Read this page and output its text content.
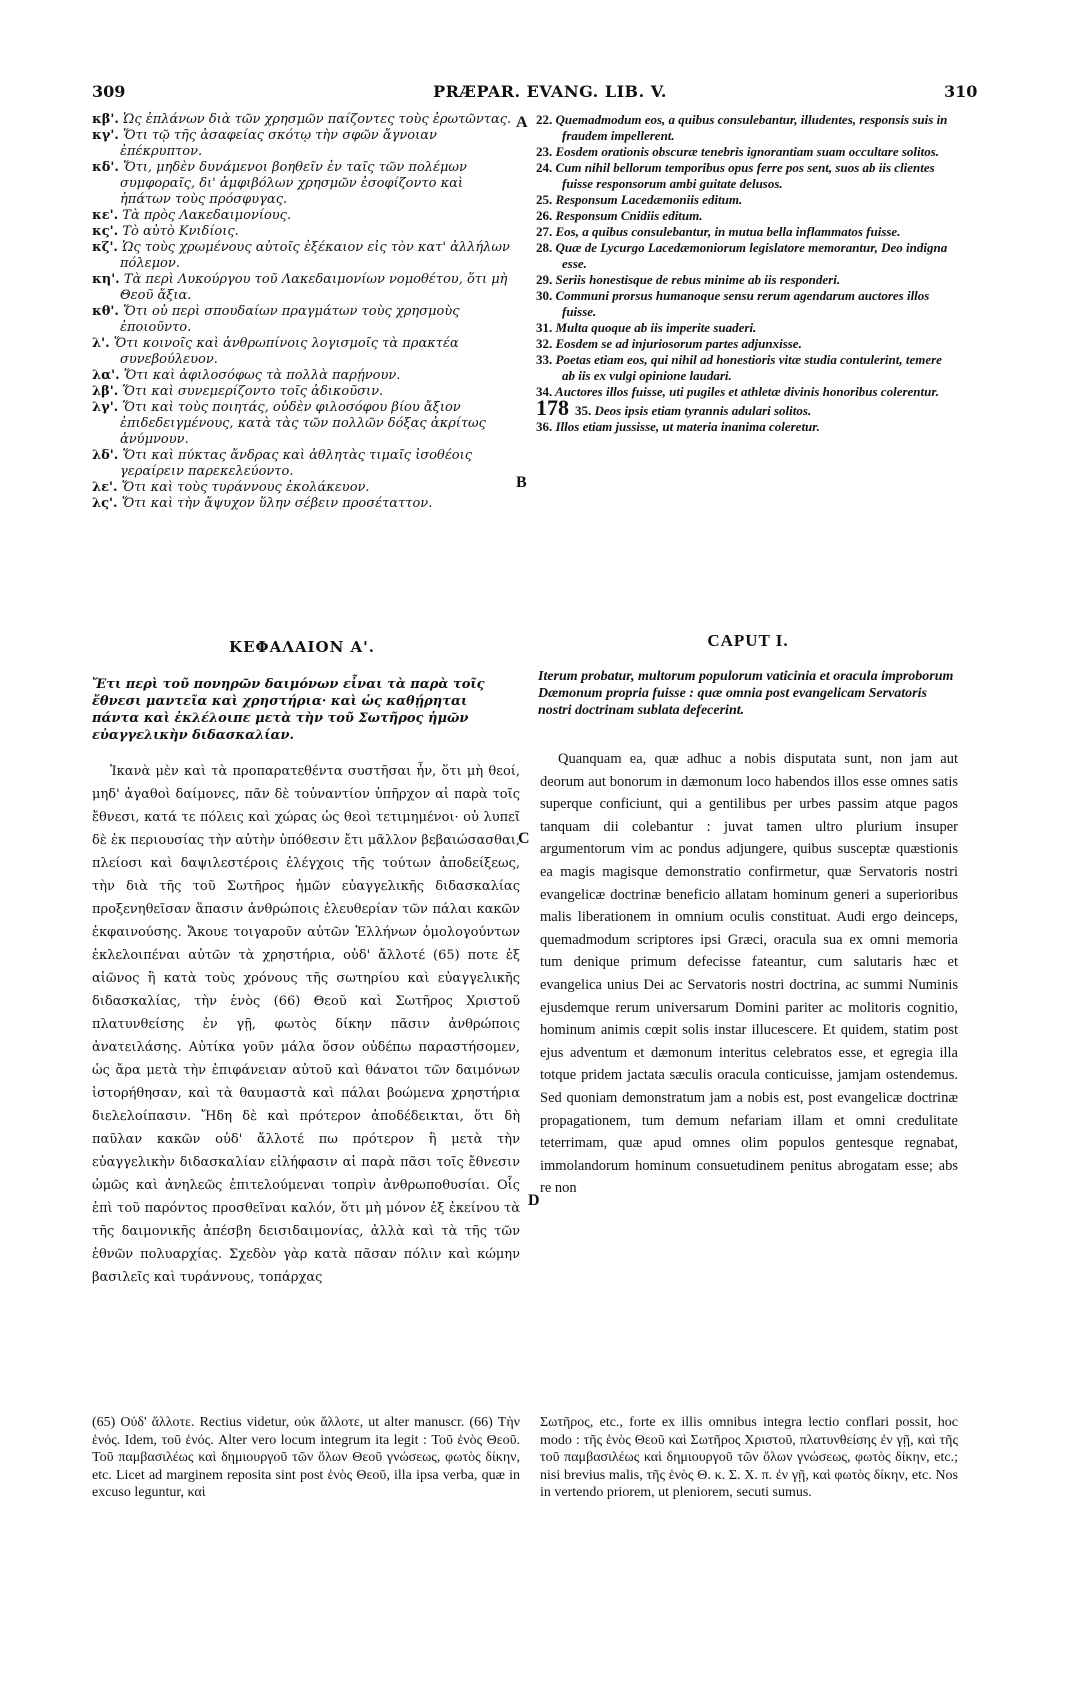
309	PRÆPAR. EVANG. LIB. V.	310
κβ'. Ὡς ἐπλάνων διὰ τῶν χρησμῶν παίζοντες τοὺς ἐρωτῶντας.
κγ'. Ὅτι τῷ τῆς ἀσαφείας σκότῳ τὴν σφῶν ἄγνοιαν ἐπέκρυπτον.
κδ'. Ὅτι, μηδὲν δυνάμενοι βοηθεῖν ἐν ταῖς τῶν πολέμων συμφοραῖς, δι' ἀμφιβόλων χρησμῶν ἐσοφίζοντο καὶ ἠπάτων τοὺς πρόσφυγας.
κε'. Τὰ πρὸς Λακεδαιμονίους.
κς'. Τὸ αὐτὸ Κνιδίοις.
κζ'. Ὡς τοὺς χρωμένους αὐτοῖς ἐξέκαιον εἰς τὸν κατ' ἀλλήλων πόλεμον.
κη'. Τὰ περὶ Λυκούργου τοῦ Λακεδαιμονίων νομοθέτου, ὅτι μὴ Θεοῦ ἄξια.
κθ'. Ὅτι οὐ περὶ σπουδαίων πραγμάτων τοὺς χρησμοὺς ἐποιοῦντο.
λ'. Ὅτι κοινοῖς καὶ ἀνθρωπίνοις λογισμοῖς τὰ πρακτέα συνεβούλευον.
λα'. Ὅτι καὶ ἀφιλοσόφως τὰ πολλὰ παρῄνουν.
λβ'. Ὅτι καὶ συνεμερίζοντο τοῖς ἀδικοῦσιν.
λγ'. Ὅτι καὶ τοὺς ποιητάς, οὐδὲν φιλοσόφου βίου ἄξιον ἐπιδεδειγμένους, κατὰ τὰς τῶν πολλῶν δόξας ἀκρίτως ἀνύμνουν.
λδ'. Ὅτι καὶ πύκτας ἄνδρας καὶ ἀθλητὰς τιμαῖς ἰσοθέοις γεραίρειν παρεκελεύοντο.
λε'. Ὅτι καὶ τοὺς τυράννους ἐκολάκευον.
λς'. Ὅτι καὶ τὴν ἄψυχον ὕλην σέβειν προσέταττον.
22. Quemadmodum eos, a quibus consulebantur, illudentes, responsis suis in fraudem impellerent.
23. Eosdem orationis obscuræ tenebris ignorantiam suam occultare solitos.
24. Cum nihil bellorum temporibus opus ferre pos sent, suos ab iis clientes fuisse responsorum ambi guitate delusos.
25. Responsum Lacedæmoniis editum.
26. Responsum Cnidiis editum.
27. Eos, a quibus consulebantur, in mutua bella inflammatos fuisse.
28. Quæ de Lycurgo Lacedæmoniorum legislatore memorantur, Deo indigna esse.
29. Seriis honestisque de rebus minime ab iis responderi.
30. Communi prorsus humanoque sensu rerum agendarum auctores illos fuisse.
31. Multa quoque ab iis imperite suaderi.
32. Eosdem se ad injuriosorum partes adjunxisse.
33. Poetas etiam eos, qui nihil ad honestioris vitæ studia contulerint, temere ab iis ex vulgi opinione laudari.
34. Auctores illos fuisse, uti pugiles et athletæ divinis honoribus colerentur.
178 35. Deos ipsis etiam tyrannis adulari solitos.
36. Illos etiam jussisse, ut materia inanima coleretur.
A
B
C
D
ΚΕΦΑΛΑΙΟΝ Α'.	CAPUT I.
Ἔτι περὶ τοῦ πονηρῶν δαιμόνων εἶναι τὰ παρὰ τοῖς ἔθνεσι μαντεῖα καὶ χρηστήρια· καὶ ὡς καθῄρηται πάντα καὶ ἐκλέλοιπε μετὰ τὴν τοῦ Σωτῆρος ἡμῶν εὐαγγελικὴν διδασκαλίαν.
Iterum probatur, multorum populorum vaticinia et oracula improborum Dæmonum propria fuisse : quæ omnia post evangelicam Servatoris nostri doctrinam sublata defecerint.

Ἱκανὰ μὲν καὶ τὰ προπαρατεθέντα συστῆσαι ἦν, ὅτι μὴ θεοί, μηδ' ἀγαθοὶ δαίμονες, πᾶν δὲ τοὐναντίον ὑπῆρχον αἱ παρὰ τοῖς ἔθνεσι, κατά τε πόλεις καὶ χώρας ὡς θεοὶ τετιμημένοι· οὐ λυπεῖ δὲ ἐκ περιουσίας τὴν αὐτὴν ὑπόθεσιν ἔτι μᾶλλον βεβαιώσασθαι, πλείοσι καὶ δαψιλεστέροις ἐλέγχοις τῆς τούτων ἀποδείξεως, τὴν διὰ τῆς τοῦ Σωτῆρος ἡμῶν εὐαγγελικῆς διδασκαλίας προξενηθεῖσαν ἅπασιν ἀνθρώποις ἐλευθερίαν τῶν πάλαι κακῶν ἐκφαινούσης. Ἄκουε τοιγαροῦν αὐτῶν Ἑλλήνων ὁμολογούντων ἐκλελοιπέναι αὐτῶν τὰ χρηστήρια, οὐδ' ἄλλοτέ (65) ποτε ἐξ αἰῶνος ἢ κατὰ τοὺς χρόνους τῆς σωτηρίου καὶ εὐαγγελικῆς διδασκαλίας, τὴν ἑνὸς (66) Θεοῦ καὶ Σωτῆρος Χριστοῦ πλατυνθείσης ἐν γῇ, φωτὸς δίκην πᾶσιν ἀνθρώποις ἀνατειλάσης. Αὐτίκα γοῦν μάλα ὅσον οὐδέπω παραστήσομεν, ὡς ἄρα μετὰ τὴν ἐπιφάνειαν αὐτοῦ καὶ θάνατοι τῶν δαιμόνων ἱστορήθησαν, καὶ τὰ θαυμαστὰ καὶ πάλαι βοώμενα χρηστήρια διελελοίπασιν. Ἤδη δὲ καὶ πρότερον ἀποδέδεικται, ὅτι δὴ παῦλαν κακῶν οὐδ' ἄλλοτέ πω πρότερον ἢ μετὰ τὴν εὐαγγελικὴν διδασκαλίαν εἰλήφασιν αἱ παρὰ πᾶσι τοῖς ἔθνεσιν ὠμῶς καὶ ἀνηλεῶς ἐπιτελούμεναι τοπρὶν ἀνθρωποθυσίαι. Οἷς ἐπὶ τοῦ παρόντος προσθεῖναι καλόν, ὅτι μὴ μόνον ἐξ ἐκείνου τὰ τῆς δαιμονικῆς ἀπέσβη δεισιδαιμονίας, ἀλλὰ καὶ τὰ τῆς τῶν ἐθνῶν πολυαρχίας. Σχεδὸν γὰρ κατὰ πᾶσαν πόλιν καὶ κώμην βασιλεῖς καὶ τυράννους, τοπάρχας

Quanquam ea, quæ adhuc a nobis disputata sunt, non jam aut deorum aut bonorum in dæmonum loco habendos illos esse omnes satis superque conficiunt, qui a gentilibus per urbes passim atque pagos tanquam dii colebantur : juvat tamen ultro plurium insuper argumentorum vim ac pondus adjungere, quibus susceptæ quæstionis ea magis magisque demonstratio confirmetur, quæ Servatoris nostri evangelicæ doctrinæ beneficio allatam hominum generi a superioribus malis liberationem in omnium oculis constituat. Audi ergo deinceps, quemadmodum scriptores ipsi Græci, oracula sua ex omni memoria tum denique primum defecisse fateantur, cum salutaris hæc et evangelica unius Dei ac Servatoris nostri doctrina, ac summi Numinis ejusdemque rerum universarum Domini pariter ac molitoris cognitio, hominum animis cœpit solis instar illucescere. Et quidem, statim post ejus adventum et dæmonum interitus celebratos esse, et egregia illa totque pridem jactata sæculis oracula conticuisse, jamjam ostendemus. Sed quoniam demonstratum jam a nobis est, post evangelicæ doctrinæ propagationem, tum demum nefariam illam et omni credulitate teterrimam, quæ apud omnes olim populos gentesque regnabat, immolandorum hominum consuetudinem penitus abrogatam esse; abs re non

(65) Οὐδ' ἄλλοτε. Rectius videtur, οὐκ ἄλλοτε, ut alter manuscr. (66) Τὴν ἑνός. Idem, τοῦ ἑνός. Alter vero locum integrum ita legit : Τοῦ ἑνὸς Θεοῦ. Τοῦ παμβασιλέως καὶ δημιουργοῦ τῶν ὅλων Θεοῦ γνώσεως, φωτὸς δίκην, etc. Licet ad marginem reposita sint post ἑνὸς Θεοῦ, illa ipsa verba, quæ in excuso leguntur, καὶ

Σωτῆρος, etc., forte ex illis omnibus integra lectio conflari possit, hoc modo : τῆς ἑνὸς Θεοῦ καὶ Σωτῆρος Χριστοῦ, πλατυνθείσης ἐν γῇ, καὶ τῆς τοῦ παμβασιλέως καὶ δημιουργοῦ τῶν ὅλων γνώσεως, φωτὸς δίκην, etc.; nisi brevius malis, τῆς ἑνὸς Θ. κ. Σ. Χ. π. ἐν γῇ, καὶ φωτὸς δίκην, etc. Nos in vertendo priorem, ut pleniorem, secuti sumus.
